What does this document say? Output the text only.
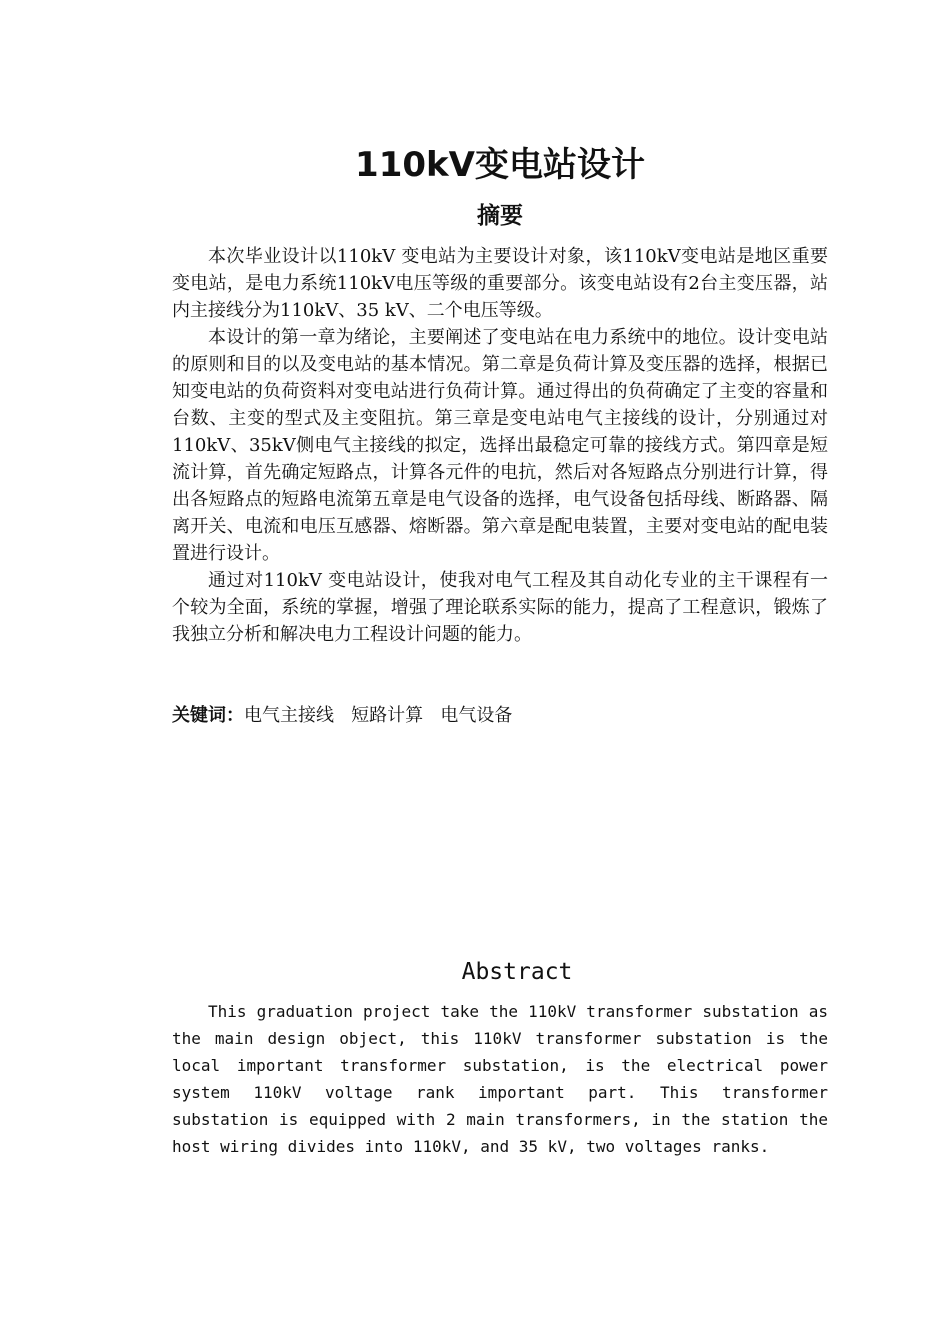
110kV变电站设计
摘要

本次毕业设计以110kV 变电站为主要设计对象，该110kV变电站是地区重要变电站，是电力系统110kV电压等级的重要部分。该变电站设有2台主变压器，站内主接线分为110kV、35 kV、二个电压等级。

本设计的第一章为绪论，主要阐述了变电站在电力系统中的地位。设计变电站的原则和目的以及变电站的基本情况。第二章是负荷计算及变压器的选择，根据已知变电站的负荷资料对变电站进行负荷计算。通过得出的负荷确定了主变的容量和台数、主变的型式及主变阻抗。第三章是变电站电气主接线的设计，分别通过对110kV、35kV侧电气主接线的拟定，选择出最稳定可靠的接线方式。第四章是短流计算，首先确定短路点，计算各元件的电抗，然后对各短路点分别进行计算，得出各短路点的短路电流第五章是电气设备的选择，电气设备包括母线、断路器、隔离开关、电流和电压互感器、熔断器。第六章是配电装置，主要对变电站的配电装置进行设计。

通过对110kV 变电站设计，使我对电气工程及其自动化专业的主干课程有一个较为全面，系统的掌握，增强了理论联系实际的能力，提高了工程意识，锻炼了我独立分析和解决电力工程设计问题的能力。

关键词：电气主接线   短路计算   电气设备
Abstract

This graduation project take the 110kV transformer substation as the main design object, this 110kV transformer substation is the local important transformer substation, is the electrical power system 110kV voltage rank important part. This transformer substation is equipped with 2 main transformers, in the station the host wiring divides into 110kV, and 35 kV, two voltages ranks.
